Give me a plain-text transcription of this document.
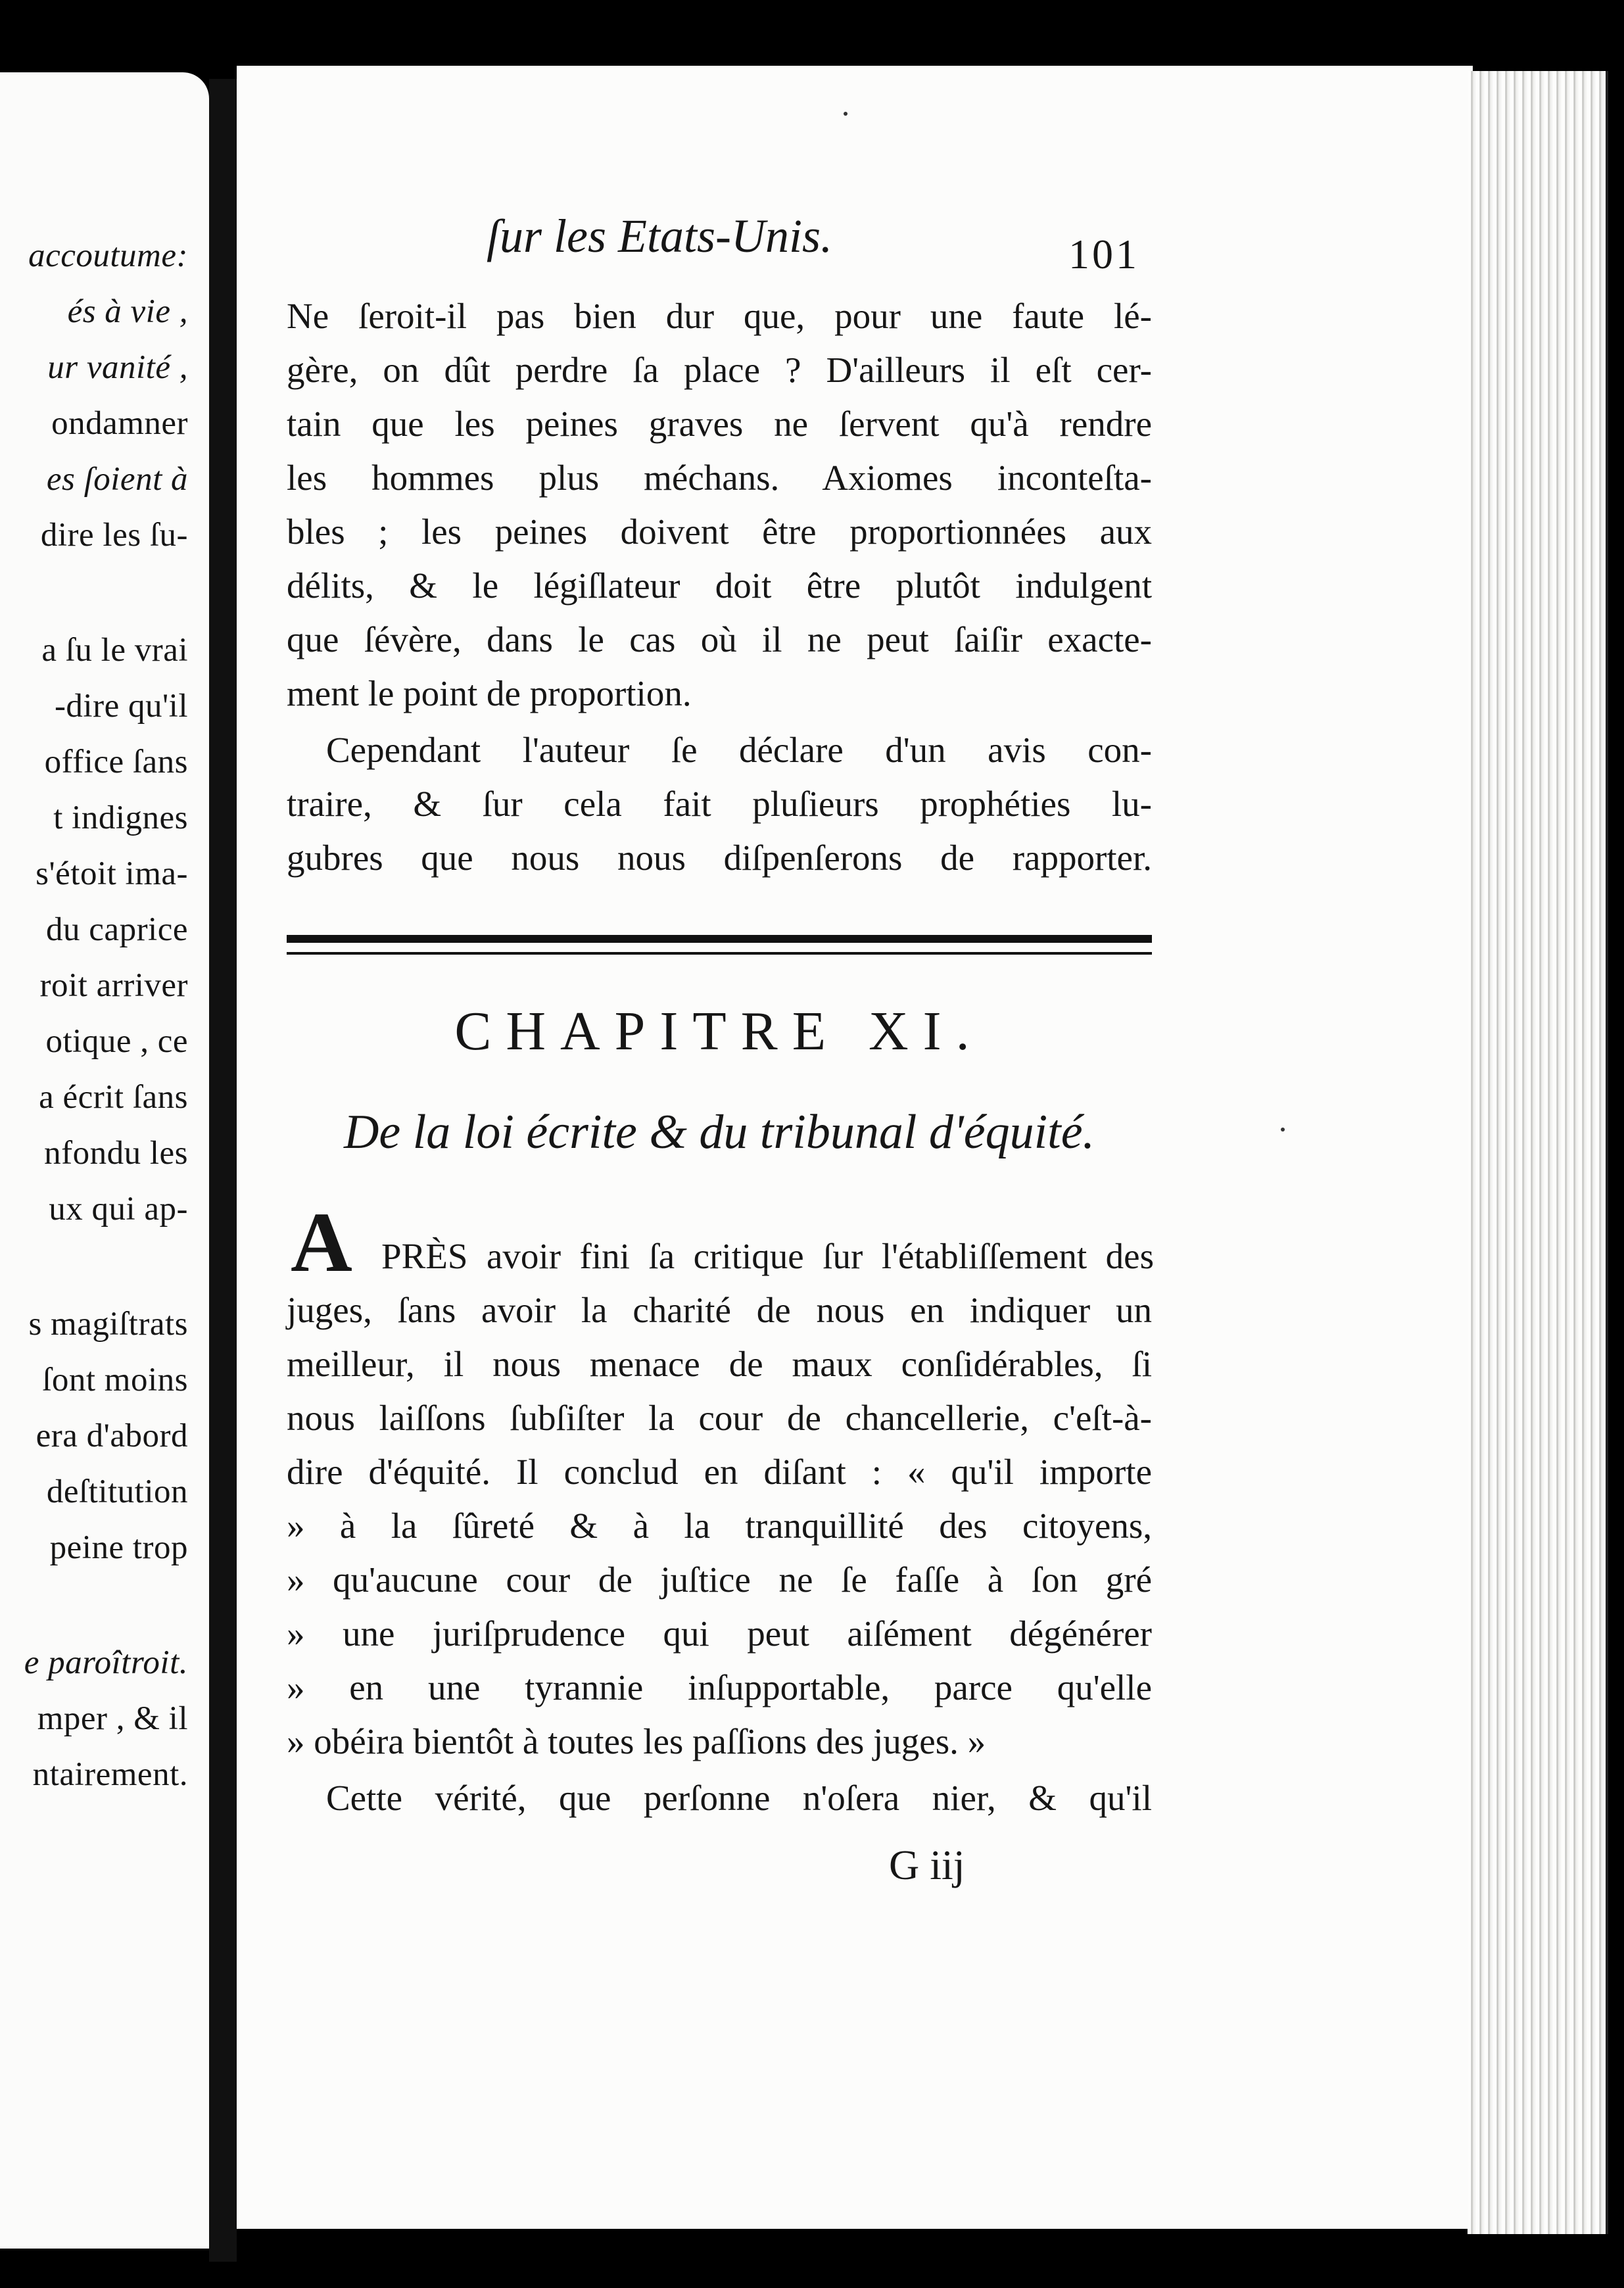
accoutume:
és à vie ,
ur vanité ,
ondamner
es ſoient à
dire les ſu-
a ſu le vrai
-dire qu'il
office ſans
t indignes
s'étoit ima-
du caprice
roit arriver
otique , ce
a écrit ſans
nfondu les
ux qui ap-
s magiſtrats
ſont moins
era d'abord
deſtitution
peine trop
e paroîtroit.
mper , & il
ntairement.
ſur les Etats-Unis.	101
Ne ſeroit-il pas bien dur que, pour une faute lé-
gère, on dût perdre ſa place ? D'ailleurs il eſt cer-
tain que les peines graves ne ſervent qu'à rendre
les hommes plus méchans. Axiomes inconteſta-
bles ; les peines doivent être proportionnées aux
délits, & le légiſlateur doit être plutôt indulgent
que ſévère, dans le cas où il ne peut ſaiſir exacte-
ment le point de proportion.
Cependant l'auteur ſe déclare d'un avis con-
traire, & ſur cela fait pluſieurs prophéties lu-
gubres que nous nous diſpenſerons de rapporter.
CHAPITRE XI.
De la loi écrite & du tribunal d'équité.
A PRÈS avoir fini ſa critique ſur l'établiſſement des
juges, ſans avoir la charité de nous en indiquer un
meilleur, il nous menace de maux conſidérables, ſi
nous laiſſons ſubſiſter la cour de chancellerie, c'eſt-à-
dire d'équité. Il conclud en diſant : « qu'il importe
» à la ſûreté & à la tranquillité des citoyens,
» qu'aucune cour de juſtice ne ſe faſſe à ſon gré
» une juriſprudence qui peut aiſément dégénérer
» en une tyrannie inſupportable, parce qu'elle
» obéira bientôt à toutes les paſſions des juges. »
Cette vérité, que perſonne n'oſera nier, & qu'il
G iij
